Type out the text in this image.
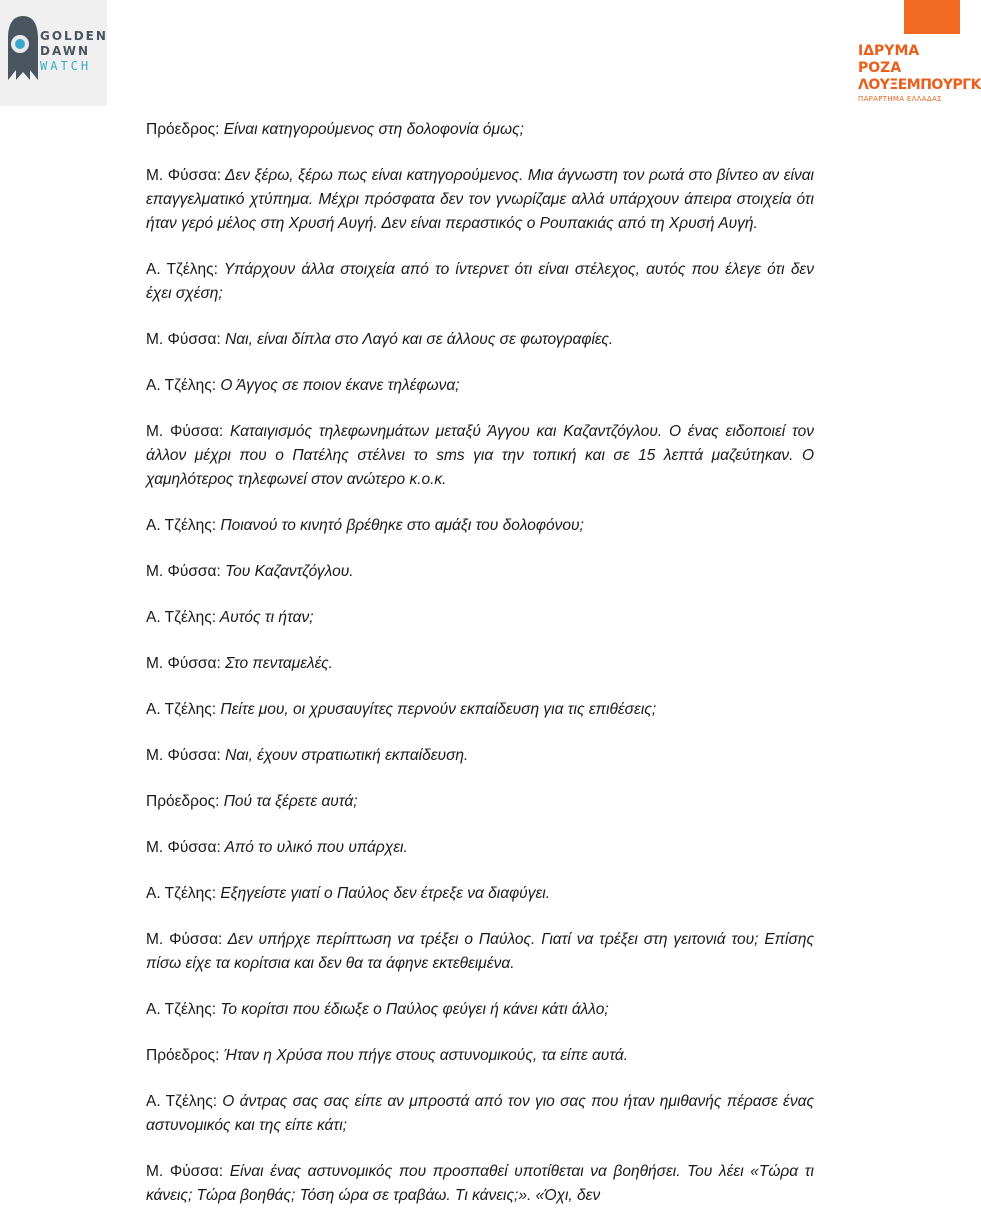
GOLDEN
DAWN
WATCH
ΙΔΡΥΜΑ
ΡΟΖΑ
ΛΟΥΞΕΜΠΟΥΡΓΚ
ΠΑΡΑΡΤΗΜΑ ΕΛΛΑΔΑΣ

Πρόεδρος: Είναι κατηγορούμενος στη δολοφονία όμως;

Μ. Φύσσα: Δεν ξέρω, ξέρω πως είναι κατηγορούμενος. Μια άγνωστη τον ρωτά στο βίντεο αν είναι επαγγελματικό χτύπημα. Μέχρι πρόσφατα δεν τον γνωρίζαμε αλλά υπάρχουν άπειρα στοιχεία ότι ήταν γερό μέλος στη Χρυσή Αυγή. Δεν είναι περαστικός ο Ρουπακιάς από τη Χρυσή Αυγή.

Α. Τζέλης: Υπάρχουν άλλα στοιχεία από το ίντερνετ ότι είναι στέλεχος, αυτός που έλεγε ότι δεν έχει σχέση;

Μ. Φύσσα: Ναι, είναι δίπλα στο Λαγό και σε άλλους σε φωτογραφίες.

Α. Τζέλης: Ο Άγγος σε ποιον έκανε τηλέφωνα;

Μ. Φύσσα: Καταιγισμός τηλεφωνημάτων μεταξύ Άγγου και Καζαντζόγλου. Ο ένας ειδοποιεί τον άλλον μέχρι που ο Πατέλης στέλνει το sms για την τοπική και σε 15 λεπτά μαζεύτηκαν. Ο χαμηλότερος τηλεφωνεί στον ανώτερο κ.ο.κ.

Α. Τζέλης: Ποιανού το κινητό βρέθηκε στο αμάξι του δολοφόνου;

Μ. Φύσσα: Του Καζαντζόγλου.

Α. Τζέλης: Αυτός τι ήταν;

Μ. Φύσσα: Στο πενταμελές.

Α. Τζέλης: Πείτε μου, οι χρυσαυγίτες περνούν εκπαίδευση για τις επιθέσεις;

Μ. Φύσσα: Ναι, έχουν στρατιωτική εκπαίδευση.

Πρόεδρος: Πού τα ξέρετε αυτά;

Μ. Φύσσα: Από το υλικό που υπάρχει.

Α. Τζέλης: Εξηγείστε γιατί ο Παύλος δεν έτρεξε να διαφύγει.

Μ. Φύσσα: Δεν υπήρχε περίπτωση να τρέξει ο Παύλος. Γιατί να τρέξει στη γειτονιά του; Επίσης πίσω είχε τα κορίτσια και δεν θα τα άφηνε εκτεθειμένα.

Α. Τζέλης: Το κορίτσι που έδιωξε ο Παύλος φεύγει ή κάνει κάτι άλλο;

Πρόεδρος: Ήταν η Χρύσα που πήγε στους αστυνομικούς, τα είπε αυτά.

Α. Τζέλης: Ο άντρας σας σας είπε αν μπροστά από τον γιο σας που ήταν ημιθανής πέρασε ένας αστυνομικός και της είπε κάτι;

Μ. Φύσσα: Είναι ένας αστυνομικός που προσπαθεί υποτίθεται να βοηθήσει. Του λέει «Τώρα τι κάνεις; Τώρα βοηθάς; Τόση ώρα σε τραβάω. Τι κάνεις;». «Όχι, δεν
